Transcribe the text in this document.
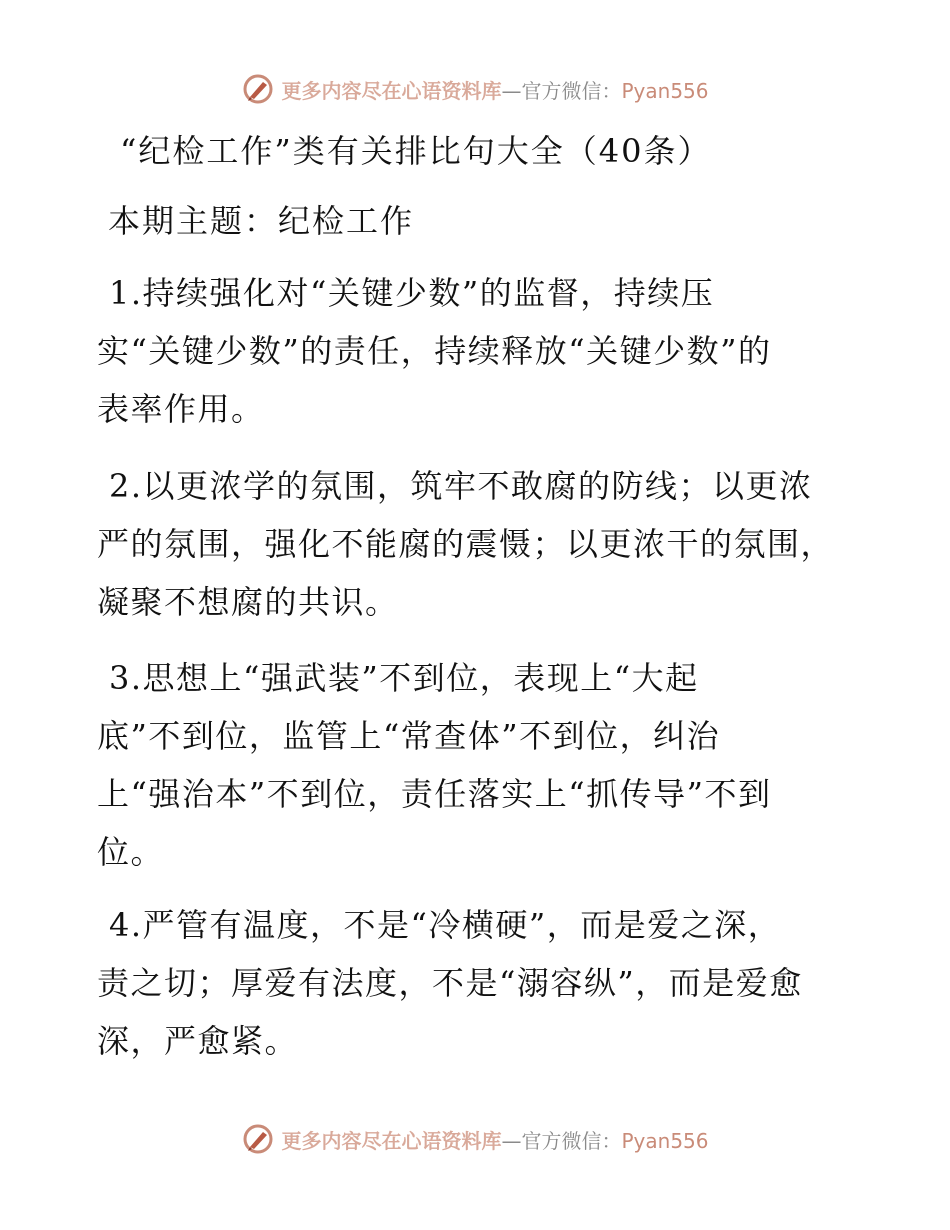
更多内容尽在心语资料库—官方微信：Pyan556
“纪检工作”类有关排比句大全（40条）
本期主题：纪检工作
1.持续强化对“关键少数”的监督，持续压
实“关键少数”的责任，持续释放“关键少数”的
表率作用。
2.以更浓学的氛围，筑牢不敢腐的防线；以更浓
严的氛围，强化不能腐的震慑；以更浓干的氛围，
凝聚不想腐的共识。
3.思想上“强武装”不到位，表现上“大起
底”不到位，监管上“常查体”不到位，纠治
上“强治本”不到位，责任落实上“抓传导”不到
位。
4.严管有温度，不是“冷横硬”，而是爱之深，
责之切；厚爱有法度，不是“溺容纵”，而是爱愈
深，严愈紧。
更多内容尽在心语资料库—官方微信：Pyan556
